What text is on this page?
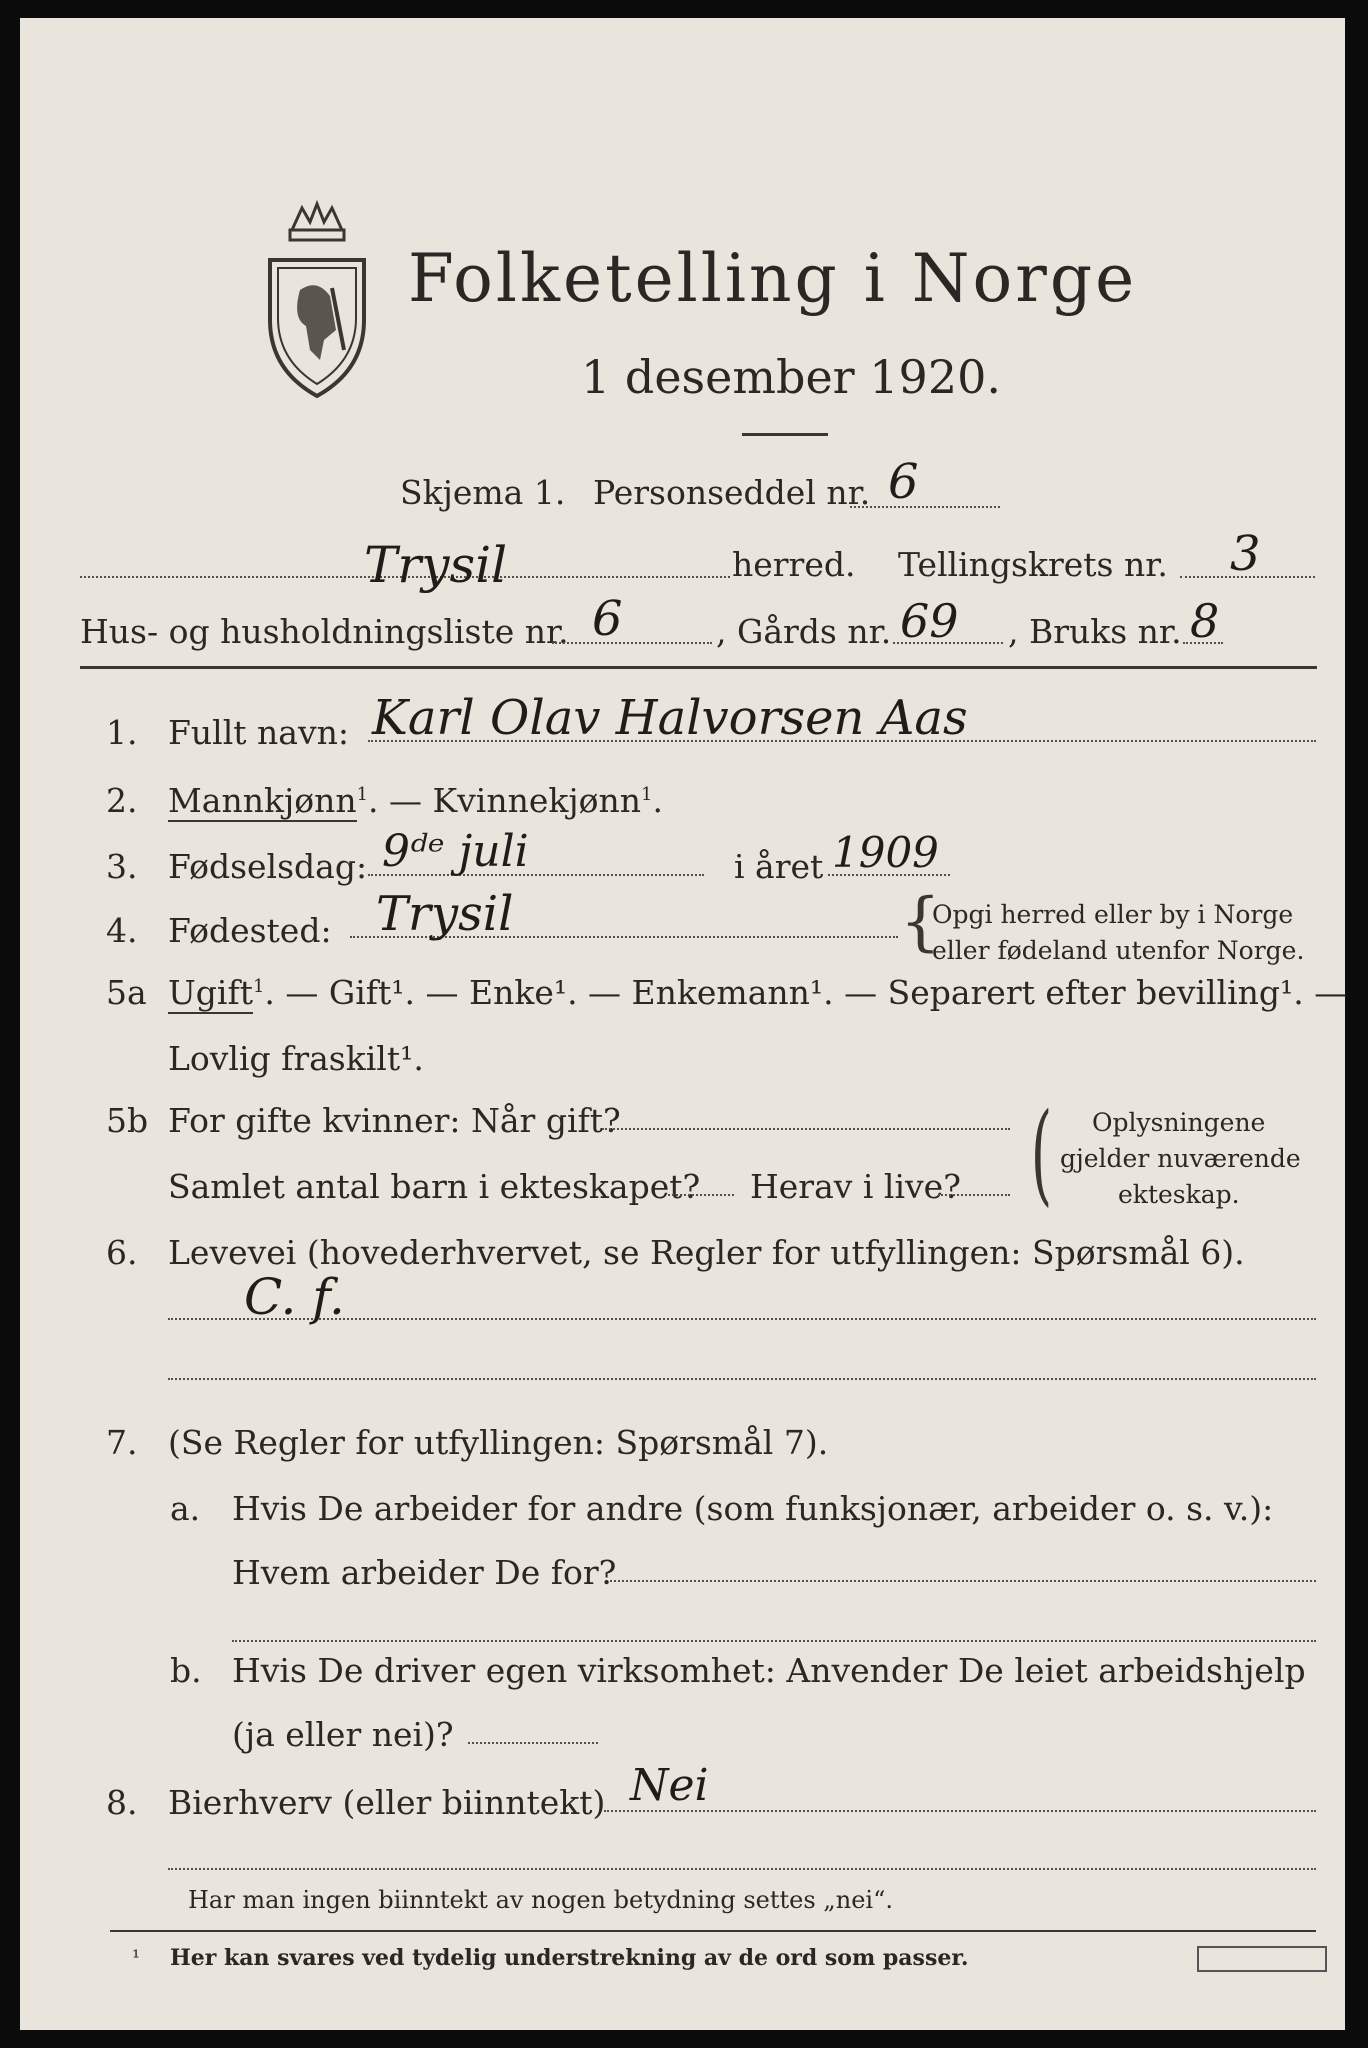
Folketelling i Norge
1 desember 1920.
Skjema 1. Personseddel nr. 6
Trysil	herred. Tellingskrets nr. 3
Hus- og husholdningsliste nr. 6	, Gårds nr. 69 , Bruks nr. 8
1. Fullt navn: Karl Olav Halvorsen Aas
2. Mannkjønn$^1$. — Kvinnekjønn$^1$.
3. Fødselsdag: 9ᵈᵉ juli	i året 1909
4. Fødested: Trysil	{
Opgi herred eller by i Norge
eller fødeland utenfor Norge.
5a Ugift$^1$. — Gift¹. — Enke¹. — Enkemann¹. — Separert efter bevilling¹. —
Lovlig fraskilt¹.
5b For gifte kvinner: Når gift?
Samlet antal barn i ekteskapet? Herav i live? ( Oplysningene
gjelder nuværende
ekteskap.
6. Levevei (hovederhvervet, se Regler for utfyllingen: Spørsmål 6).
C. f.
7. (Se Regler for utfyllingen: Spørsmål 7).
a. Hvis De arbeider for andre (som funksjonær, arbeider o. s. v.):
Hvem arbeider De for?
b. Hvis De driver egen virksomhet: Anvender De leiet arbeidshjelp
(ja eller nei)?
8. Bierhverv (eller biinntekt) Nei
Har man ingen biinntekt av nogen betydning settes „nei“.
¹ Her kan svares ved tydelig understrekning av de ord som passer.
